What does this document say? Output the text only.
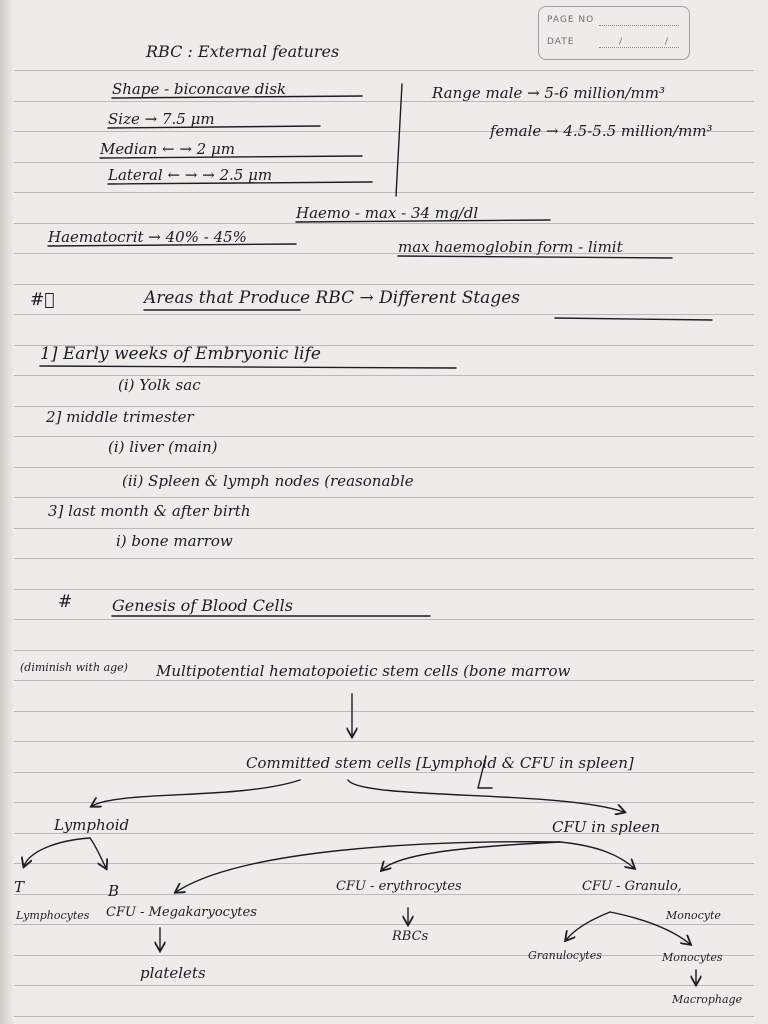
PAGE NO
DATE	/ /
RBC : External features
Shape - biconcave disk
Size → 7.5 μm
Median ← → 2 μm
Lateral ← → → 2.5 μm
Range male → 5-6 million/mm³
female → 4.5-5.5 million/mm³
Haemo - max - 34 mg/dl
Haematocrit → 40% - 45%
max haemoglobin form - limit
#⃥	Areas that Produce RBC → Different Stages
1] Early weeks of Embryonic life
(i) Yolk sac
2] middle trimester
(i) liver (main)
(ii) Spleen & lymph nodes (reasonable
3] last month & after birth
i) bone marrow
# Genesis of Blood Cells
(diminish with age) Multipotential hematopoietic stem cells (bone marrow
Committed stem cells [Lymphoid & CFU in spleen]
Lymphoid	CFU in spleen
T	B
Lymphocytes CFU - Megakaryocytes
platelets
CFU - erythrocytes
RBCs
CFU - Granulo,
Monocyte
Granulocytes	Monocytes
Macrophage
